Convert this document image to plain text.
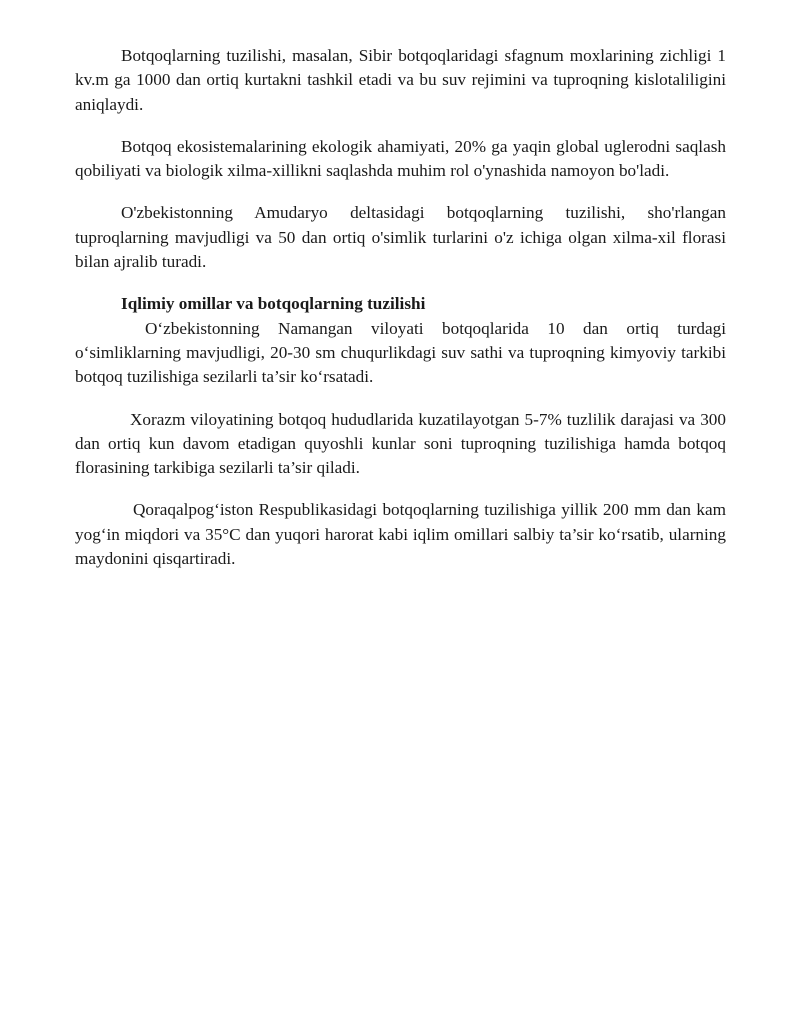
Botqoqlarning tuzilishi, masalan, Sibir botqoqlaridagi sfagnum moxlarining zichligi 1 kv.m ga 1000 dan ortiq kurtakni tashkil etadi va bu suv rejimini va tuproqning kislotaliligini aniqlaydi.

Botqoq ekosistemalarining ekologik ahamiyati, 20% ga yaqin global uglerodni saqlash qobiliyati va biologik xilma-xillikni saqlashda muhim rol o'ynashida namoyon bo'ladi.

O'zbekistonning Amudaryo deltasidagi botqoqlarning tuzilishi, sho'rlangan tuproqlarning mavjudligi va 50 dan ortiq o'simlik turlarini o'z ichiga olgan xilma-xil florasi bilan ajralib turadi.

Iqlimiy omillar va botqoqlarning tuzilishi

O‘zbekistonning Namangan viloyati botqoqlarida 10 dan ortiq turdagi o‘simliklarning mavjudligi, 20-30 sm chuqurlikdagi suv sathi va tuproqning kimyoviy tarkibi botqoq tuzilishiga sezilarli ta’sir ko‘rsatadi.

Xorazm viloyatining botqoq hududlarida kuzatilayotgan 5-7% tuzlilik darajasi va 300 dan ortiq kun davom etadigan quyoshli kunlar soni tuproqning tuzilishiga hamda botqoq florasining tarkibiga sezilarli ta’sir qiladi.

Qoraqalpog‘iston Respublikasidagi botqoqlarning tuzilishiga yillik 200 mm dan kam yog‘in miqdori va 35°C dan yuqori harorat kabi iqlim omillari salbiy ta’sir ko‘rsatib, ularning maydonini qisqartiradi.
